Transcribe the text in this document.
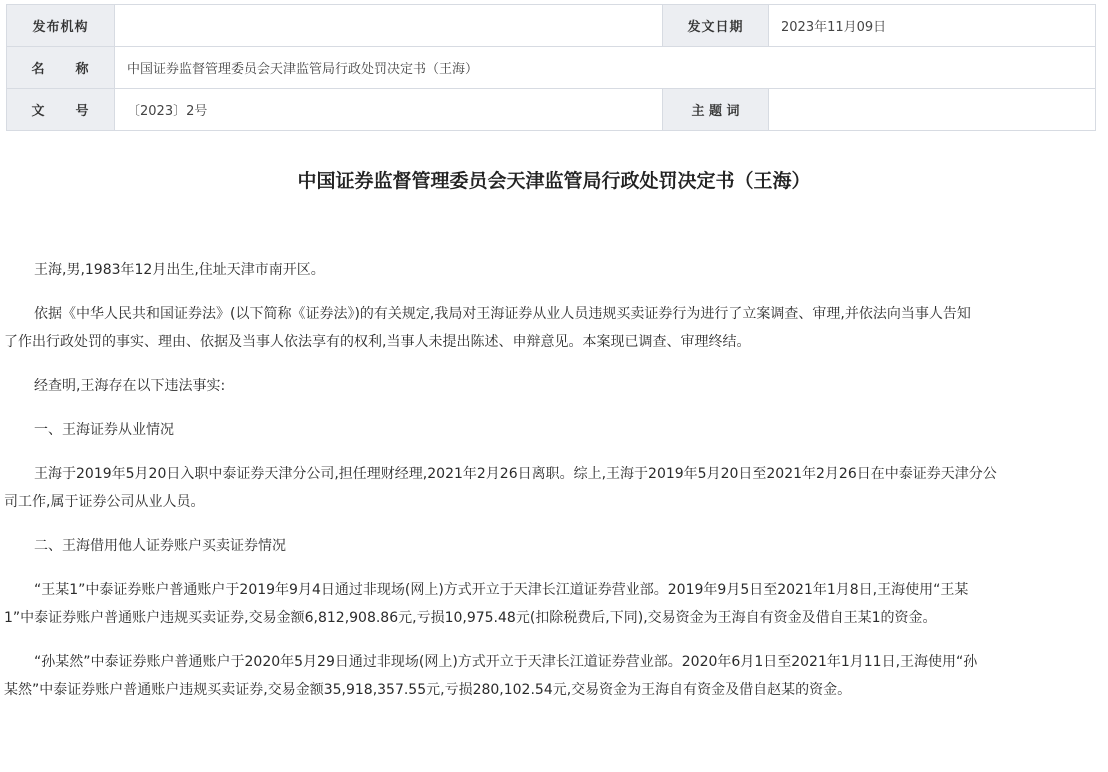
发布机构		发文日期	2023年11月09日
名 称	中国证券监督管理委员会天津监管局行政处罚决定书（王海）		
文 号	〔2023〕2号	主 题 词	
中国证券监督管理委员会天津监管局行政处罚决定书（王海）

王海,男,1983年12月出生,住址天津市南开区。

依据《中华人民共和国证券法》(以下简称《证券法》)的有关规定,我局对王海证券从业人员违规买卖证券行为进行了立案调查、审理,并依法向当事人告知
了作出行政处罚的事实、理由、依据及当事人依法享有的权利,当事人未提出陈述、申辩意见。本案现已调查、审理终结。

经查明,王海存在以下违法事实:

一、王海证券从业情况

王海于2019年5月20日入职中泰证券天津分公司,担任理财经理,2021年2月26日离职。综上,王海于2019年5月20日至2021年2月26日在中泰证券天津分公
司工作,属于证券公司从业人员。

二、王海借用他人证券账户买卖证券情况

“王某1”中泰证券账户普通账户于2019年9月4日通过非现场(网上)方式开立于天津长江道证券营业部。2019年9月5日至2021年1月8日,王海使用“王某
1”中泰证券账户普通账户违规买卖证券,交易金额6,812,908.86元,亏损10,975.48元(扣除税费后,下同),交易资金为王海自有资金及借自王某1的资金。
“孙某然”中泰证券账户普通账户于2020年5月29日通过非现场(网上)方式开立于天津长江道证券营业部。2020年6月1日至2021年1月11日,王海使用“孙
某然”中泰证券账户普通账户违规买卖证券,交易金额35,918,357.55元,亏损280,102.54元,交易资金为王海自有资金及借自赵某的资金。
